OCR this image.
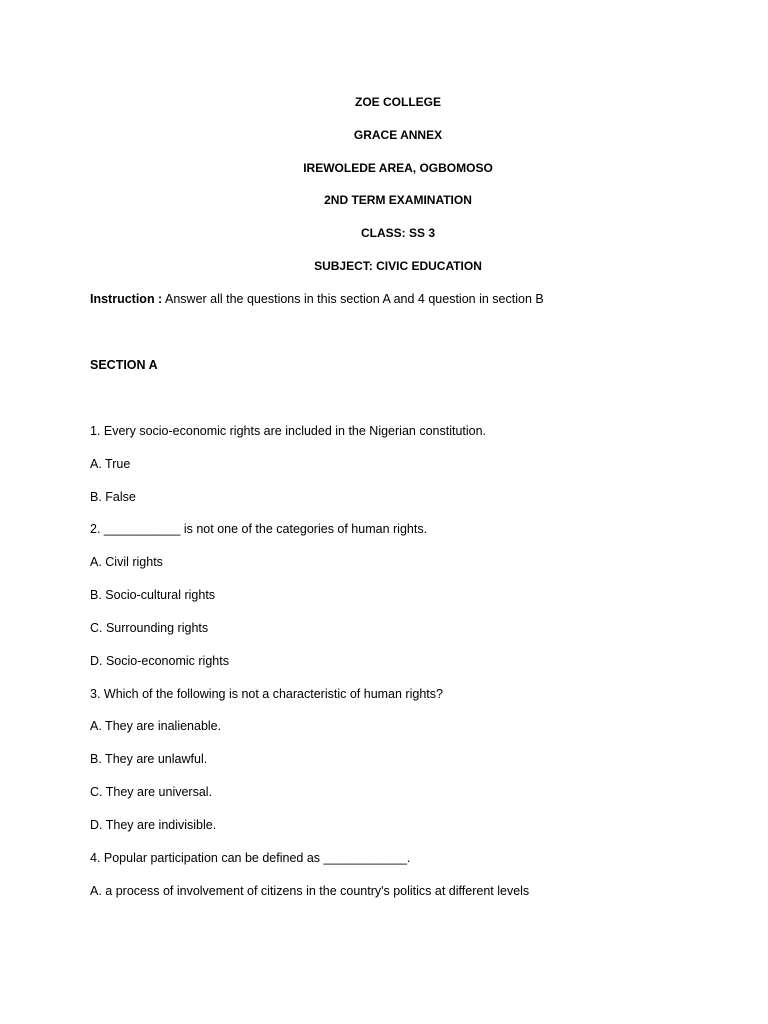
ZOE COLLEGE
GRACE ANNEX
IREWOLEDE AREA, OGBOMOSO
2ND TERM EXAMINATION
CLASS: SS 3
SUBJECT: CIVIC EDUCATION
Instruction : Answer all the questions in this section A and 4 question in section B
SECTION A
1. Every socio-economic rights are included in the Nigerian constitution.
A. True
B. False
2. ___________ is not one of the categories of human rights.
A. Civil rights
B. Socio-cultural rights
C. Surrounding rights
D. Socio-economic rights
3. Which of the following is not a characteristic of human rights?
A. They are inalienable.
B. They are unlawful.
C. They are universal.
D. They are indivisible.
4. Popular participation can be defined as ____________.
A. a process of involvement of citizens in the country's politics at different levels
